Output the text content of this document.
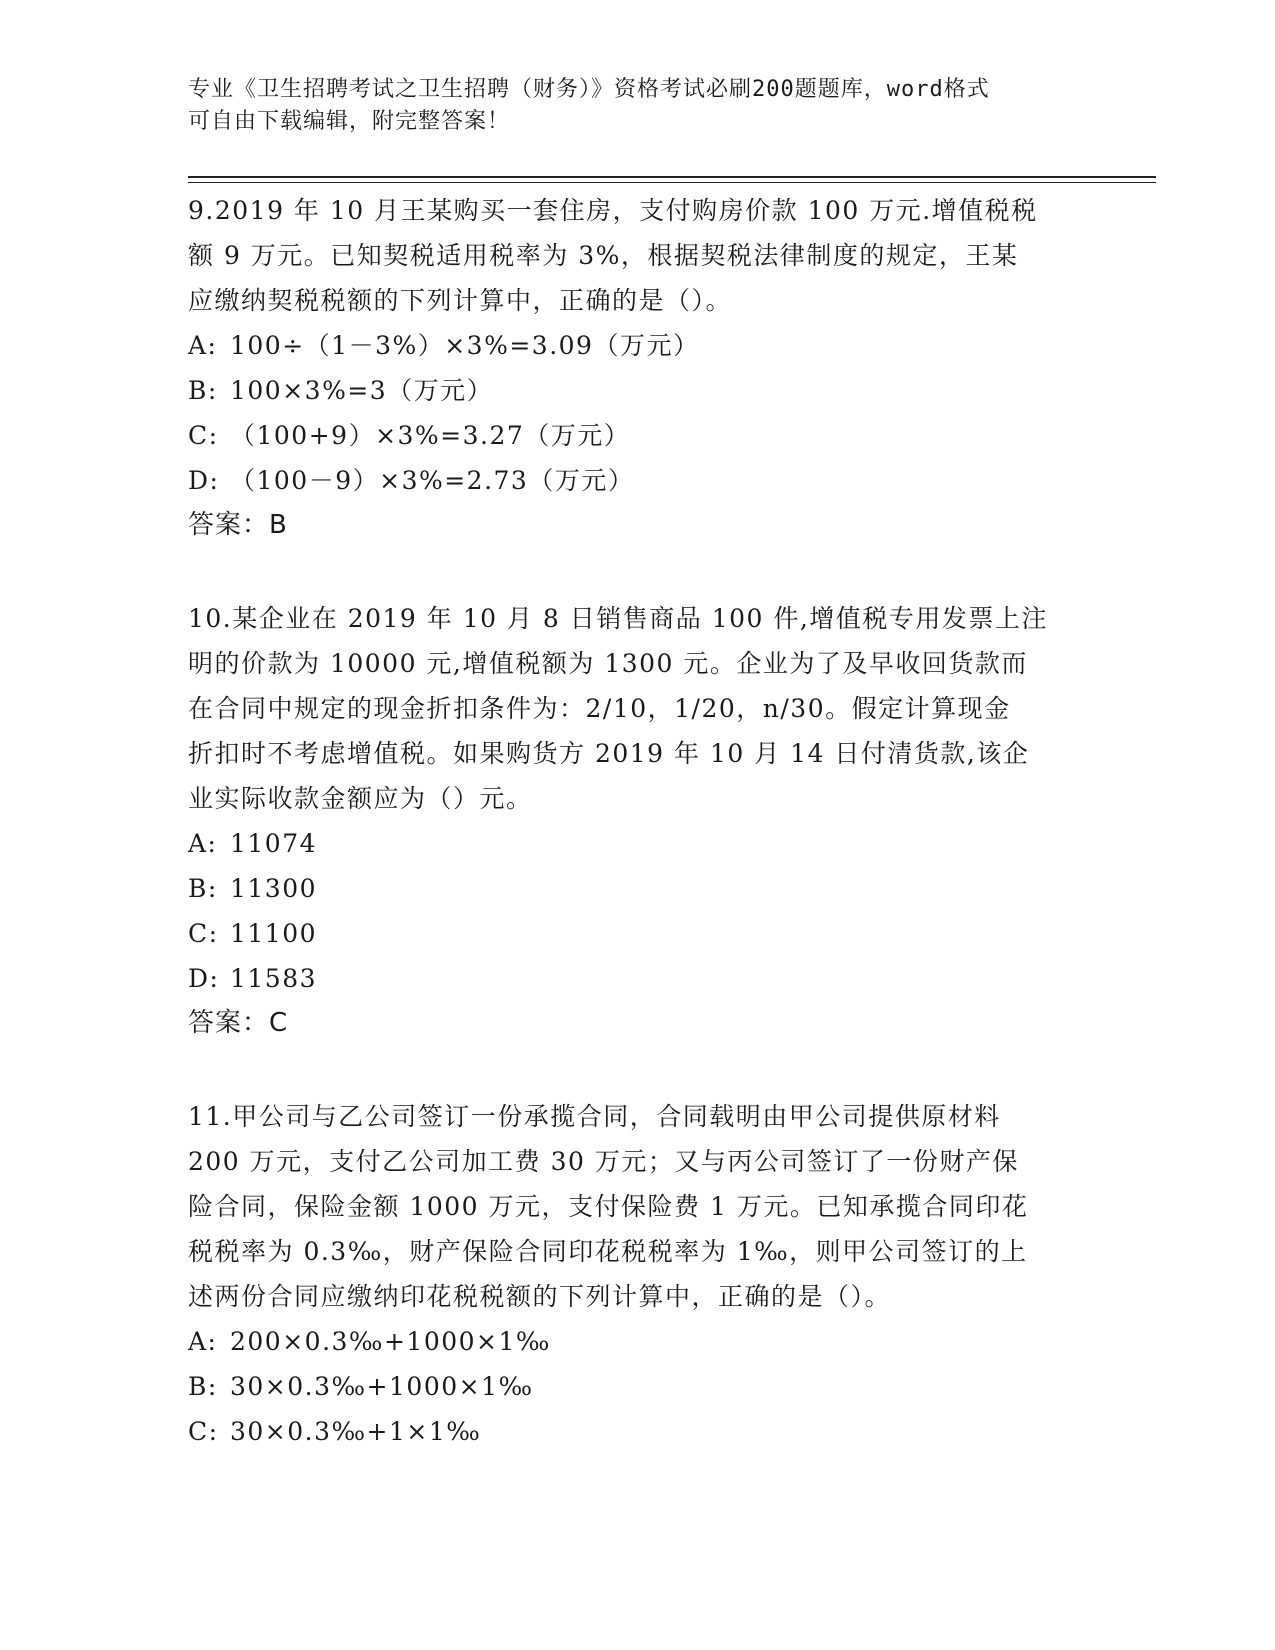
专业《卫生招聘考试之卫生招聘（财务）》资格考试必刷200题题库，word格式
可自由下载编辑，附完整答案！
9.2019 年 10 月王某购买一套住房，支付购房价款 100 万元.增值税税
额 9 万元。已知契税适用税率为 3%，根据契税法律制度的规定，王某
应缴纳契税税额的下列计算中，正确的是（）。
A: 100÷（1－3%）×3%=3.09（万元）
B: 100×3%=3（万元）
C: （100+9）×3%=3.27（万元）
D: （100－9）×3%=2.73（万元）
答案：B
10.某企业在 2019 年 10 月 8 日销售商品 100 件,增值税专用发票上注
明的价款为 10000 元,增值税额为 1300 元。企业为了及早收回货款而
在合同中规定的现金折扣条件为：2/10，1/20，n/30。假定计算现金
折扣时不考虑增值税。如果购货方 2019 年 10 月 14 日付清货款,该企
业实际收款金额应为（）元。
A: 11074
B: 11300
C: 11100
D: 11583
答案：C
11.甲公司与乙公司签订一份承揽合同，合同载明由甲公司提供原材料
200 万元，支付乙公司加工费 30 万元；又与丙公司签订了一份财产保
险合同，保险金额 1000 万元，支付保险费 1 万元。已知承揽合同印花
税税率为 0.3‰，财产保险合同印花税税率为 1‰，则甲公司签订的上
述两份合同应缴纳印花税税额的下列计算中，正确的是（）。
A: 200×0.3‰+1000×1‰
B: 30×0.3‰+1000×1‰
C: 30×0.3‰+1×1‰
